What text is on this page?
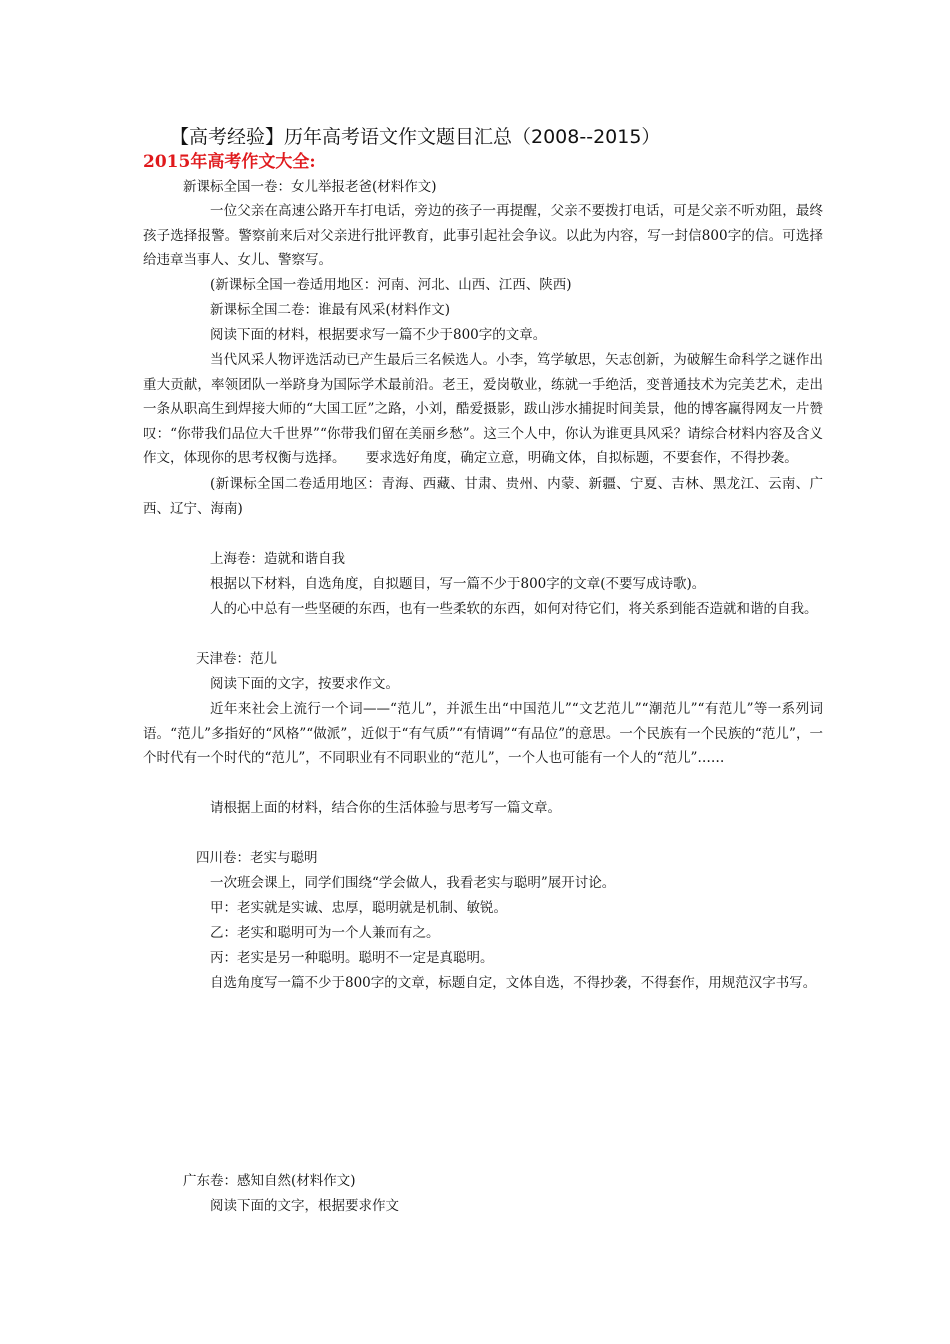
【高考经验】历年高考语文作文题目汇总（2008--2015）
2015年高考作文大全:
新课标全国一卷：女儿举报老爸(材料作文)
一位父亲在高速公路开车打电话，旁边的孩子一再提醒，父亲不要拨打电话，可是父亲不听劝阻，最终孩子选择报警。警察前来后对父亲进行批评教育，此事引起社会争议。以此为内容，写一封信800字的信。可选择给违章当事人、女儿、警察写。
(新课标全国一卷适用地区：河南、河北、山西、江西、陕西)
新课标全国二卷：谁最有风采(材料作文)
阅读下面的材料，根据要求写一篇不少于800字的文章。
当代风采人物评选活动已产生最后三名候选人。小李，笃学敏思，矢志创新，为破解生命科学之谜作出重大贡献，率领团队一举跻身为国际学术最前沿。老王，爱岗敬业，练就一手绝活，变普通技术为完美艺术，走出一条从职高生到焊接大师的“大国工匠”之路，小刘，酷爱摄影，跋山涉水捕捉时间美景，他的博客赢得网友一片赞叹：“你带我们品位大千世界”“你带我们留在美丽乡愁”。这三个人中，你认为谁更具风采？请综合材料内容及含义作文，体现你的思考权衡与选择。　　要求选好角度，确定立意，明确文体，自拟标题，不要套作，不得抄袭。
(新课标全国二卷适用地区：青海、西藏、甘肃、贵州、内蒙、新疆、宁夏、吉林、黑龙江、云南、广西、辽宁、海南)
上海卷：造就和谐自我
根据以下材料，自选角度，自拟题目，写一篇不少于800字的文章(不要写成诗歌)。
人的心中总有一些坚硬的东西，也有一些柔软的东西，如何对待它们，将关系到能否造就和谐的自我。
天津卷：范儿
阅读下面的文字，按要求作文。
近年来社会上流行一个词——“范儿”，并派生出“中国范儿”“文艺范儿”“潮范儿”“有范儿”等一系列词语。“范儿”多指好的“风格”“做派”，近似于“有气质”“有情调”“有品位”的意思。一个民族有一个民族的“范儿”，一个时代有一个时代的“范儿”，不同职业有不同职业的“范儿”，一个人也可能有一个人的“范儿”……
请根据上面的材料，结合你的生活体验与思考写一篇文章。
四川卷：老实与聪明
一次班会课上，同学们围绕“学会做人，我看老实与聪明”展开讨论。
甲：老实就是实诚、忠厚，聪明就是机制、敏锐。
乙：老实和聪明可为一个人兼而有之。
丙：老实是另一种聪明。聪明不一定是真聪明。
自选角度写一篇不少于800字的文章，标题自定，文体自选，不得抄袭，不得套作，用规范汉字书写。
广东卷：感知自然(材料作文)
阅读下面的文字，根据要求作文
